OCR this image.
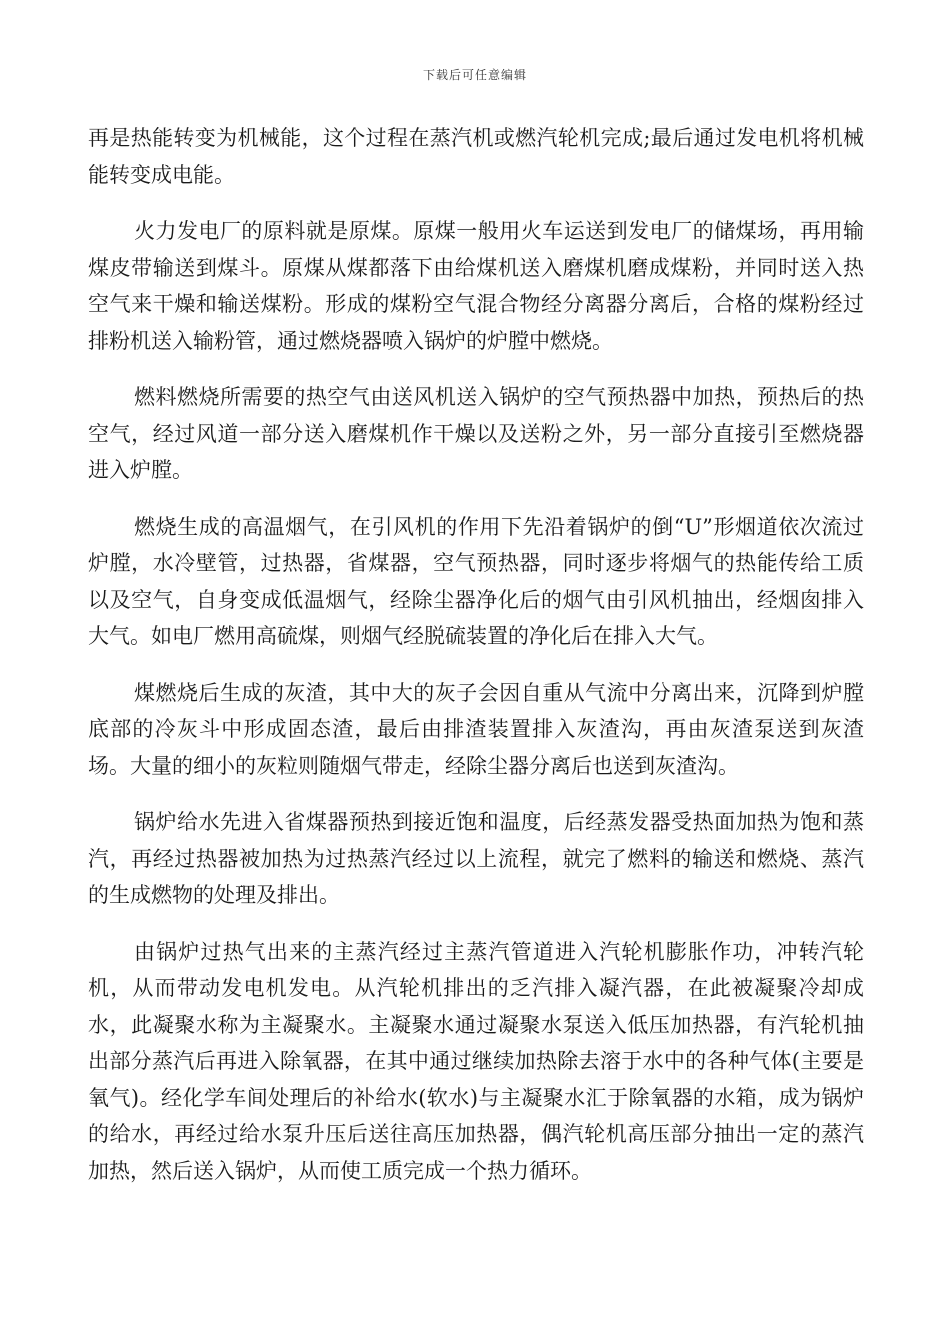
下载后可任意编辑

再是热能转变为机械能，这个过程在蒸汽机或燃汽轮机完成;最后通过发电机将机械能转变成电能。

火力发电厂的原料就是原煤。原煤一般用火车运送到发电厂的储煤场，再用输煤皮带输送到煤斗。原煤从煤都落下由给煤机送入磨煤机磨成煤粉，并同时送入热空气来干燥和输送煤粉。形成的煤粉空气混合物经分离器分离后，合格的煤粉经过排粉机送入输粉管，通过燃烧器喷入锅炉的炉膛中燃烧。

燃料燃烧所需要的热空气由送风机送入锅炉的空气预热器中加热，预热后的热空气，经过风道一部分送入磨煤机作干燥以及送粉之外，另一部分直接引至燃烧器进入炉膛。

燃烧生成的高温烟气，在引风机的作用下先沿着锅炉的倒“U”形烟道依次流过炉膛，水冷壁管，过热器，省煤器，空气预热器，同时逐步将烟气的热能传给工质以及空气，自身变成低温烟气，经除尘器净化后的烟气由引风机抽出，经烟囱排入大气。如电厂燃用高硫煤，则烟气经脱硫装置的净化后在排入大气。

煤燃烧后生成的灰渣，其中大的灰子会因自重从气流中分离出来，沉降到炉膛底部的冷灰斗中形成固态渣，最后由排渣装置排入灰渣沟，再由灰渣泵送到灰渣场。大量的细小的灰粒则随烟气带走，经除尘器分离后也送到灰渣沟。

锅炉给水先进入省煤器预热到接近饱和温度，后经蒸发器受热面加热为饱和蒸汽，再经过热器被加热为过热蒸汽经过以上流程，就完了燃料的输送和燃烧、蒸汽的生成燃物的处理及排出。

由锅炉过热气出来的主蒸汽经过主蒸汽管道进入汽轮机膨胀作功，冲转汽轮机，从而带动发电机发电。从汽轮机排出的乏汽排入凝汽器，在此被凝聚冷却成水，此凝聚水称为主凝聚水。主凝聚水通过凝聚水泵送入低压加热器，有汽轮机抽出部分蒸汽后再进入除氧器，在其中通过继续加热除去溶于水中的各种气体(主要是氧气)。经化学车间处理后的补给水(软水)与主凝聚水汇于除氧器的水箱，成为锅炉的给水，再经过给水泵升压后送往高压加热器，偶汽轮机高压部分抽出一定的蒸汽加热，然后送入锅炉，从而使工质完成一个热力循环。
